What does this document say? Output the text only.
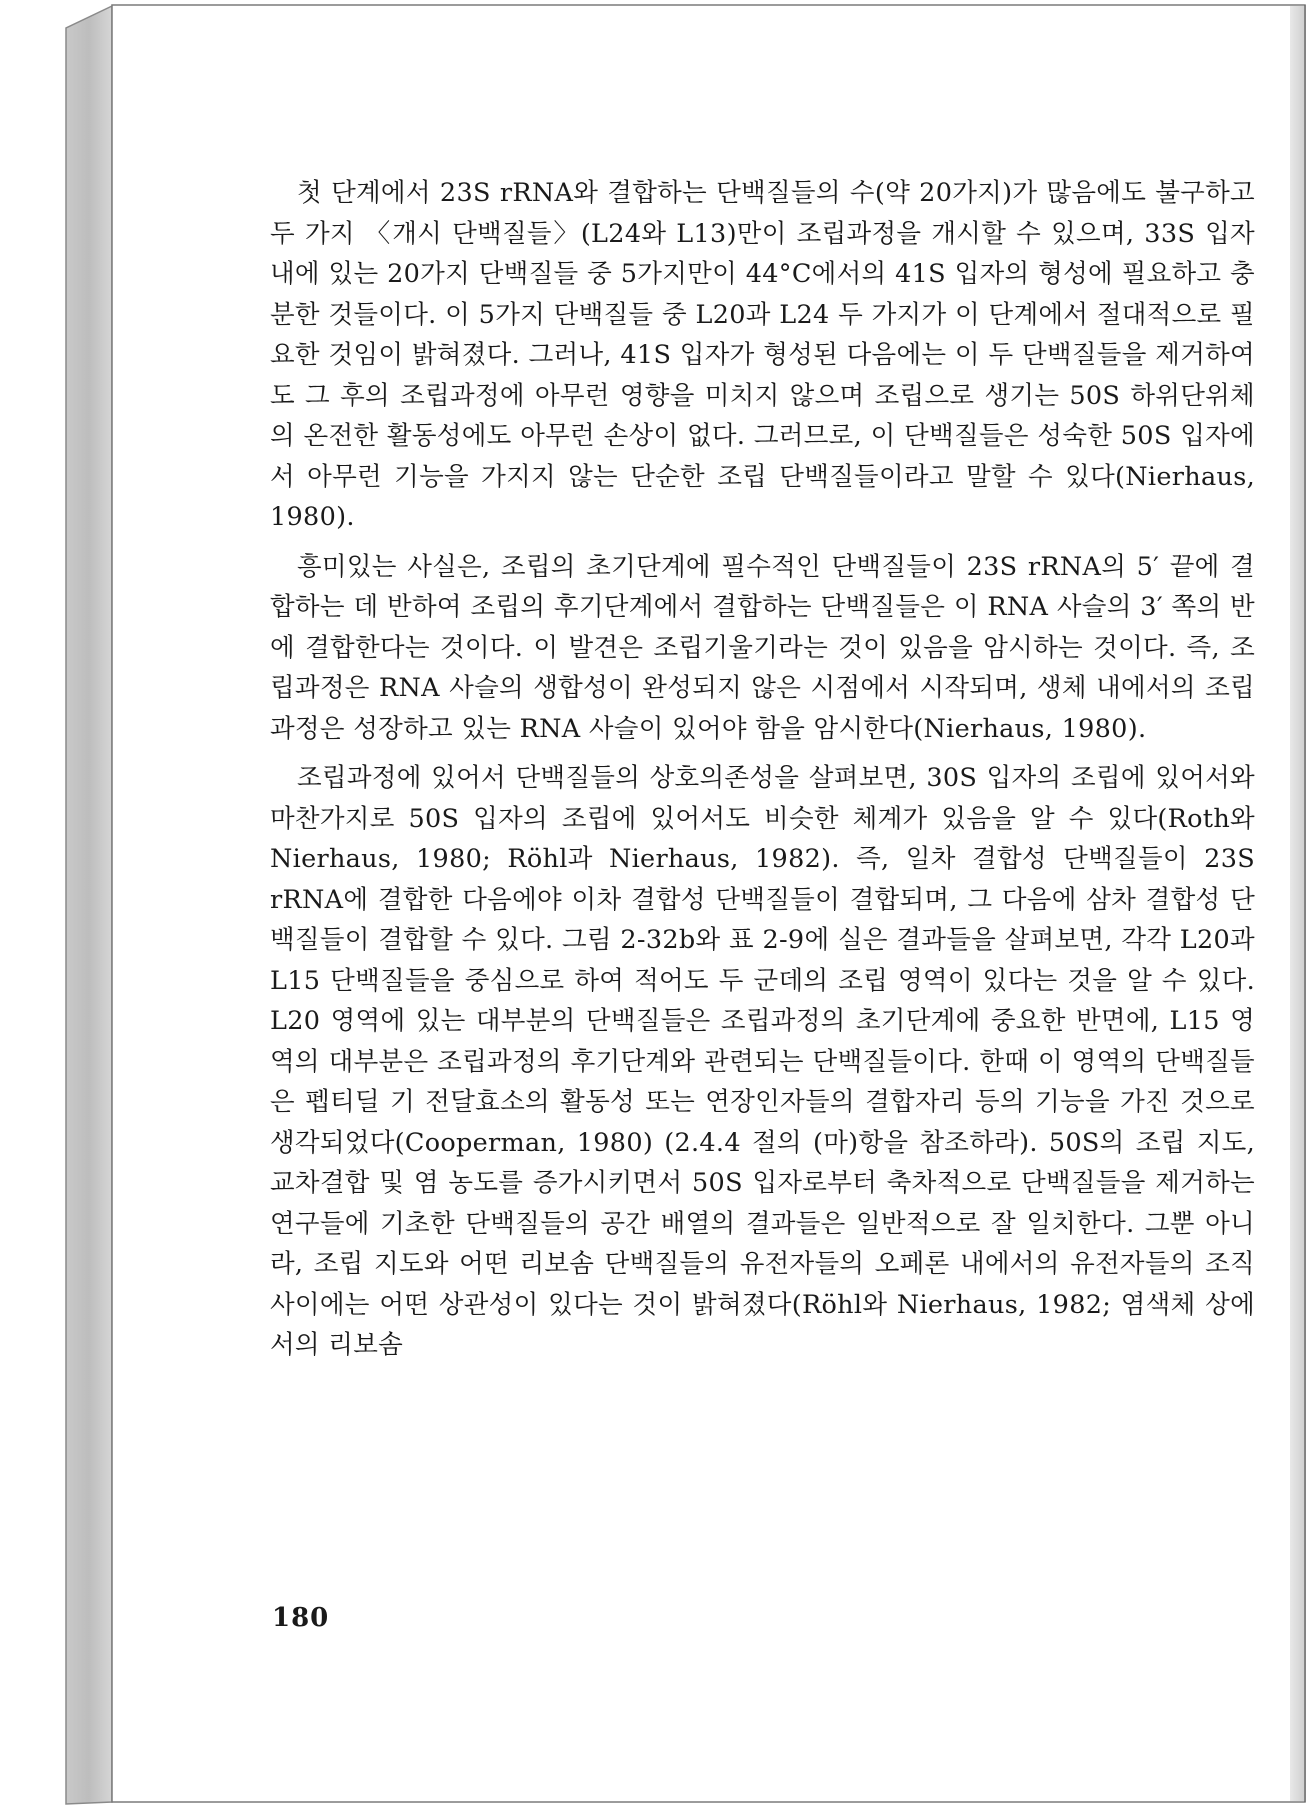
첫 단계에서 23S rRNA와 결합하는 단백질들의 수(약 20가지)가 많음에도 불구하고 두 가지 〈개시 단백질들〉(L24와 L13)만이 조립과정을 개시할 수 있으며, 33S 입자 내에 있는 20가지 단백질들 중 5가지만이 44°C에서의 41S 입자의 형성에 필요하고 충분한 것들이다. 이 5가지 단백질들 중 L20과 L24 두 가지가 이 단계에서 절대적으로 필요한 것임이 밝혀졌다. 그러나, 41S 입자가 형성된 다음에는 이 두 단백질들을 제거하여도 그 후의 조립과정에 아무런 영향을 미치지 않으며 조립으로 생기는 50S 하위단위체의 온전한 활동성에도 아무런 손상이 없다. 그러므로, 이 단백질들은 성숙한 50S 입자에서 아무런 기능을 가지지 않는 단순한 조립 단백질들이라고 말할 수 있다(Nierhaus, 1980).

흥미있는 사실은, 조립의 초기단계에 필수적인 단백질들이 23S rRNA의 5′ 끝에 결합하는 데 반하여 조립의 후기단계에서 결합하는 단백질들은 이 RNA 사슬의 3′ 쪽의 반에 결합한다는 것이다. 이 발견은 조립기울기라는 것이 있음을 암시하는 것이다. 즉, 조립과정은 RNA 사슬의 생합성이 완성되지 않은 시점에서 시작되며, 생체 내에서의 조립과정은 성장하고 있는 RNA 사슬이 있어야 함을 암시한다(Nierhaus, 1980).

조립과정에 있어서 단백질들의 상호의존성을 살펴보면, 30S 입자의 조립에 있어서와 마찬가지로 50S 입자의 조립에 있어서도 비슷한 체계가 있음을 알 수 있다(Roth와 Nierhaus, 1980; Röhl과 Nierhaus, 1982). 즉, 일차 결합성 단백질들이 23S rRNA에 결합한 다음에야 이차 결합성 단백질들이 결합되며, 그 다음에 삼차 결합성 단백질들이 결합할 수 있다. 그림 2-32b와 표 2-9에 실은 결과들을 살펴보면, 각각 L20과 L15 단백질들을 중심으로 하여 적어도 두 군데의 조립 영역이 있다는 것을 알 수 있다. L20 영역에 있는 대부분의 단백질들은 조립과정의 초기단계에 중요한 반면에, L15 영역의 대부분은 조립과정의 후기단계와 관련되는 단백질들이다. 한때 이 영역의 단백질들은 펩티딜 기 전달효소의 활동성 또는 연장인자들의 결합자리 등의 기능을 가진 것으로 생각되었다(Cooperman, 1980) (2.4.4 절의 (마)항을 참조하라). 50S의 조립 지도, 교차결합 및 염 농도를 증가시키면서 50S 입자로부터 축차적으로 단백질들을 제거하는 연구들에 기초한 단백질들의 공간 배열의 결과들은 일반적으로 잘 일치한다. 그뿐 아니라, 조립 지도와 어떤 리보솜 단백질들의 유전자들의 오페론 내에서의 유전자들의 조직 사이에는 어떤 상관성이 있다는 것이 밝혀졌다(Röhl와 Nierhaus, 1982; 염색체 상에서의 리보솜

180
